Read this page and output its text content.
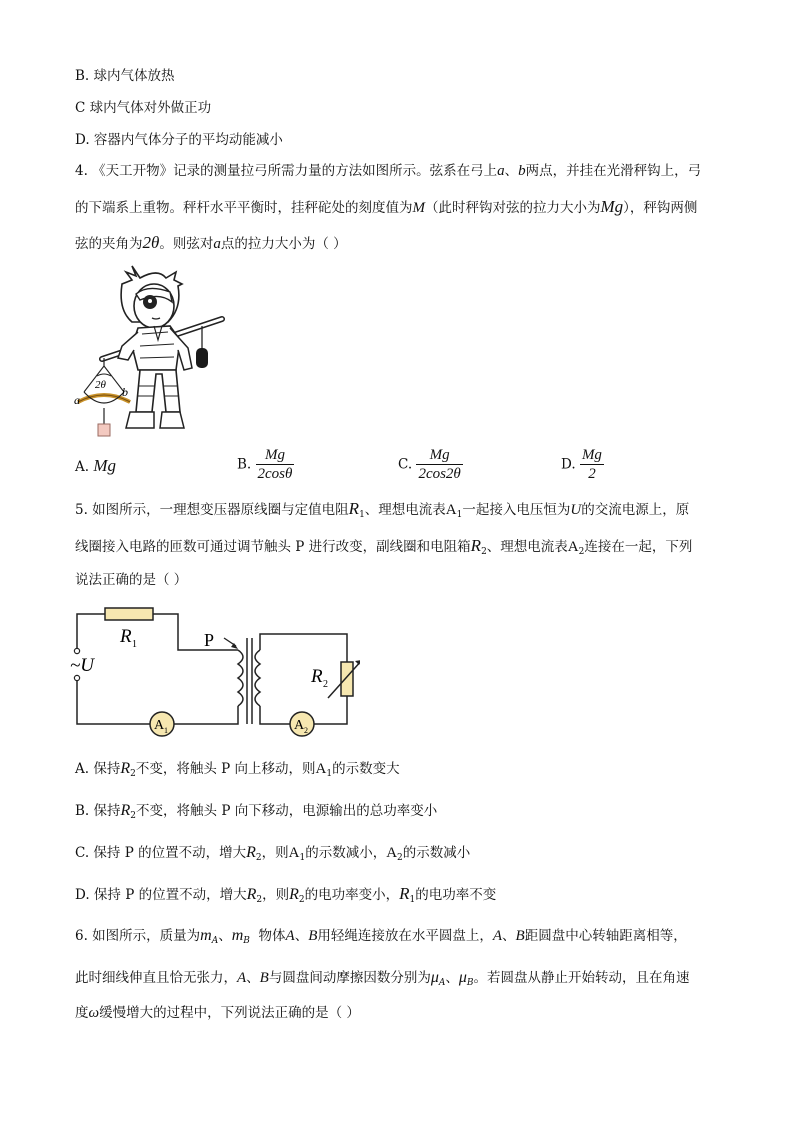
B. 球内气体放热
C 球内气体对外做正功
D. 容器内气体分子的平均动能减小
4. 《天工开物》记录的测量拉弓所需力量的方法如图所示。弦系在弓上a、b两点，并挂在光滑秤钩上，弓
的下端系上重物。秤杆水平平衡时，挂秤砣处的刻度值为M（此时秤钩对弦的拉力大小为Mg），秤钩两侧
弦的夹角为2θ。则弦对a点的拉力大小为（ ）
a
b
2θ
A. Mg	B. $\frac{Mg}{2\cos\theta}$	C. $\frac{Mg}{2\cos 2\theta}$	D. $\frac{Mg}{2}$
5. 如图所示，一理想变压器原线圈与定值电阻$R_1$、理想电流表$A_1$一起接入电压恒为U的交流电源上，原
线圈接入电路的匝数可通过调节触头 P 进行改变，副线圈和电阻箱$R_2$、理想电流表$A_2$连接在一起，下列
说法正确的是（ ）
R 1	P
~U
A 1	A 2
R 2
A. 保持$R_2$不变，将触头 P 向上移动，则$A_1$的示数变大
B. 保持$R_2$不变，将触头 P 向下移动，电源输出的总功率变小
C. 保持 P 的位置不动，增大$R_2$，则$A_1$的示数减小，$A_2$的示数减小
D. 保持 P 的位置不动，增大$R_2$，则$R_2$的电功率变小，$R_1$的电功率不变
6. 如图所示，质量为$m_A$、$m_B$ 物体A、B用轻绳连接放在水平圆盘上，A、B距圆盘中心转轴距离相等，
此时细线伸直且恰无张力，A、B与圆盘间动摩擦因数分别为$\mu_A$、$\mu_B$。若圆盘从静止开始转动，且在角速
度ω缓慢增大的过程中，下列说法正确的是（ ）
